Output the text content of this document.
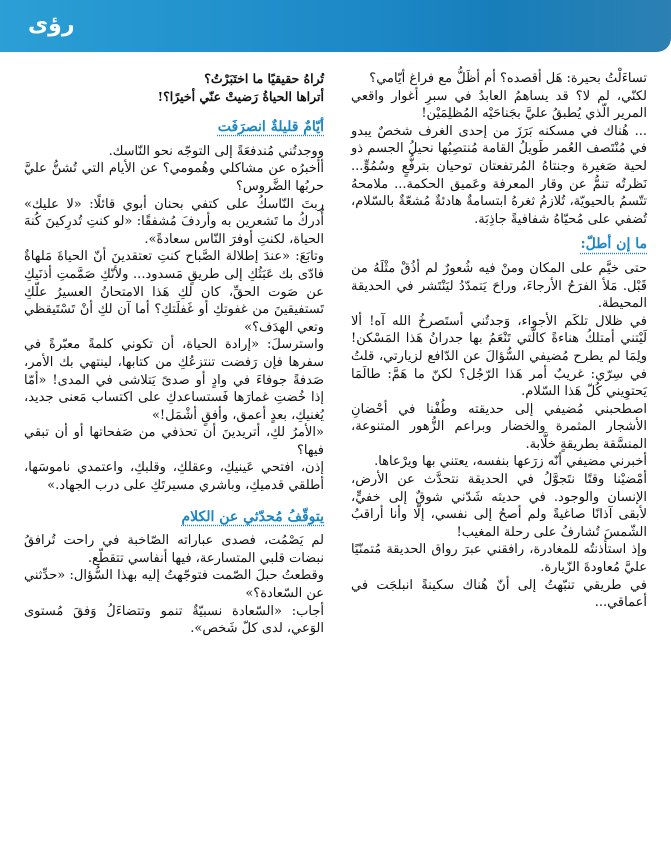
رؤى

تساءَلْتُ بحيرة: هَل أقصده؟ أم أظَلُّ مع فراغ أيّامي؟

لكنّي، لم لا؟ قد يساهمُ العابدُ في سبرِ أغوار واقعي المرير الّذي يُطبقُ عليَّ بجَناحَيْه المُظلِمَيْن!

... هُناك في مسكنه بَرَزَ من إحدى الغرف شخصٌ يبدو في مُنْتَصف العُمر طَويلُ القامة مُنتصِبُها نحيلُ الجسم ذو لحية صَغيرة وجنتاهُ المُرتفعتان توحيان بترفُّعٍ وسُمُوٍّ... نَظرتُه تنمُّ عن وقار المعرفة وعَميق الحكمة... ملامحهُ تتّسمُ بالحيويّة، تُلازمُ ثغرهُ ابتسامةٌ هادئةٌ مُشعّةٌ بالسّلام، تُضفي على مُحيّاهُ شفافيةً جاذِبَة.

ما إن أطلّ:

حتى خيَّم على المكان ومنْ فيه شُعورٌ لم أذُقْ مثْلَهُ من قَبْل. مَلأ الفرَحُ الأرجاءَ، وراحَ يَتمدّدُ ليَنْتَشر في الحديقة المحيطة.

في ظلال تلكَم الأجواء، وَجدتُني أستَصرخُ الله آه! ألا لَيْتني أمتلكُ هناءةً كالّتي تَنْعَمُ بها جدرانُ هَذا المَسْكن! ولِمَا لم يطرح مُضيفي السُّؤالَ عن الدّافع لزيارتي، قلتُ في سِرّي: غريبٌ أمر هَذا الرّجُل؟ لكنّ ما هَمَّ: طالَمَا يَحتوِيني كُلّ هَذا السّلام.

اصطحبني مُضيفي إلى حديقته وطُفْنا في أحْضانِ الأشجار المثمرة والخضار وبراعم الزُّهور المتنوعة، المنسَّقة بطريقةٍ خلَّابة.

أخبرني مضيفي أنّه زرَعها بنفسه، يعتني بها ويرْعاها.

أمْضيْنا وقتًا نتَجوَّلُ في الحديقة نتحدَّث عن الأرض، الإنسان والوجود. في حديثه شَدّني شوقٌ إلى خفيٍّ، لأبقى آذانًا صاغيةً ولم أصحُ إلى نفسي، إلّا وأنا أراقبُ الشّمسَ تُشارفُ على رحلة المغيب!

وإذ استأذنتُه للمغادرة، رافقني عبرَ رواق الحديقة مُتمنّيًا عليَّ مُعاودةَ الزّيارة.

في طريقي تنبّهتُ إلى أنّ هُناك سكينةً انبلجَت في أعماقي...

تُراهُ حقيقيًا ما اختَبَرْتُ؟

أتراها الحياةُ رَضيتْ عنّي أخيرًا؟!

أيّامٌ قليلةٌ انصرَفَت

ووجدتُني مُندفعَةً إلى التوجّه نحو النّاسك.

أأخبرُه عن مشاكلي وهُمومي؟ عن الأيام التي تُشنُّ عليَّ حربُها الضَّروس؟

ربتَ النّاسكُ على كتفي بحنان أبوي قائلًا: «لا عليك» أُدركُ ما تَشعرين به وأردفَ مُشفقًا: «لو كنتِ تُدرِكينَ كُنهَ الحياة، لكنتِ أوفرَ النّاس سعادةً».

وتابَعَ: «عندَ إطلالة الصَّباح كنتِ تعتقدينَ أنّ الحياةَ مَلهاةٌ فادّى بك عَبَثُكِ إلى طريقٍ مَسدود... ولأنّكِ صَمَّمتِ أذنَيكِ عن صَوت الحقِّ، كان لكِ هَذا الامتحانُ العسيرُ علّكِ تَستفيقينَ من غفوتكِ أو غَفلَتكِ؟ أما آن لكِ أنْ تَسْتَيقظي وتعي الهدَف؟»

واسترسلَ: «إرادة الحياة، أن تكوني كلمةً معبّرةً في سفرها فإن رَفضت تنتزعُكِ من كتابها، لينتهي بك الأمر، صَدفةً جوفاءَ في وادٍ أو صدىً يَتلاشى في المدى! «أمّا إذا خُضتِ غمارَها فَستساعدكِ على اكتساب مَعنى جديد، يُغنيكِ، بعدٍ أعمق، وأفقٍ أشْمَل!»

«الأمرُ لكِ، أتريدينَ أن تحذفي من صَفحاتها أو أن تبقي فيها؟

إذن، افتحي عَينيكِ، وعقلكِ، وقلبكِ، واعتمدي ناموسَها، أطلقي قدميكِ، وباشري مسيرتَكِ على درب الجهاد.»

يتوقّفُ مُحدّثي عن الكلام

لم يَصْمُت، فصدى عباراته الصّاخبة في راحت تُرافقُ نبضات قلبي المتسارعة، فيها أنفاسي تتقطّع.

وقطعتُ حبلَ الصّمت فتوجّهتُ إليه بهذا السُّؤال: «حدِّثني عن السّعادة؟»

أجاب: «السّعادة نسبيّةٌ تنمو وتتضاءَلُ وَفقَ مُستوى الوَعي، لدى كلّ شَخص».
